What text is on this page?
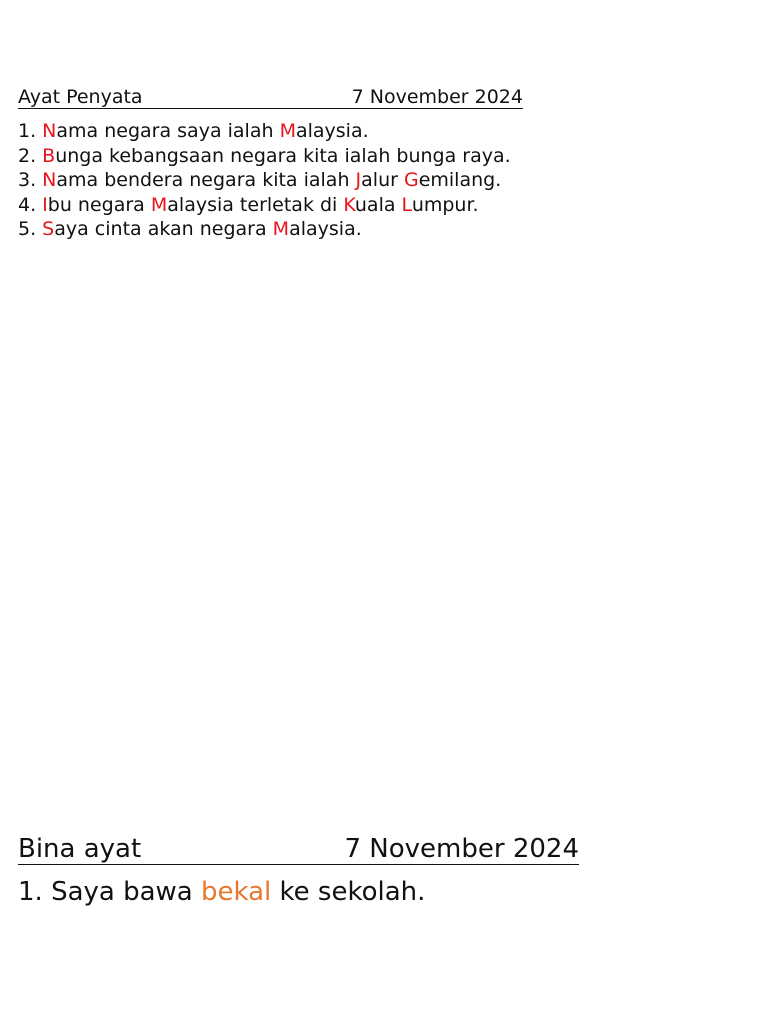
Ayat Penyata	7 November 2024
1. Nama negara saya ialah Malaysia.
2. Bunga kebangsaan negara kita ialah bunga raya.
3. Nama bendera negara kita ialah Jalur Gemilang.
4. Ibu negara Malaysia terletak di Kuala Lumpur.
5. Saya cinta akan negara Malaysia.
Bina ayat	7 November 2024
1. Saya bawa bekal ke sekolah.
